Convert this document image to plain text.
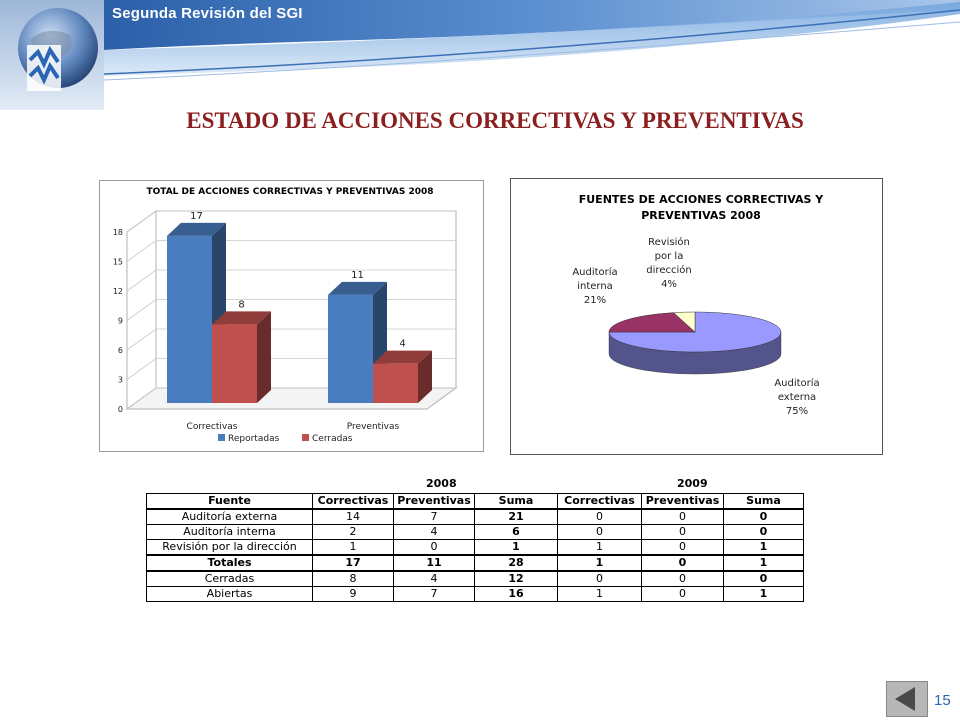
Segunda Revisión del SGI
ESTADO DE ACCIONES CORRECTIVAS Y PREVENTIVAS
TOTAL DE ACCIONES CORRECTIVAS Y PREVENTIVAS 2008
0
3
6
9
12
15
18
17
8
Correctivas
11
4
Preventivas
Reportadas	Cerradas
FUENTES DE ACCIONES CORRECTIVAS Y
PREVENTIVAS 2008
Auditoría
externa
75%
Auditoría
interna
21%
Revisión
por la
dirección
4%
2008	2009
Fuente	Correctivas	Preventivas	Suma	Correctivas	Preventivas	Suma
Auditoría externa	14	7	21	0	0	0
Auditoría interna	2	4	6	0	0	0
Revisión por la dirección	1	0	1	1	0	1
Totales	17	11	28	1	0	1
Cerradas	8	4	12	0	0	0
Abiertas	9	7	16	1	0	1
15
